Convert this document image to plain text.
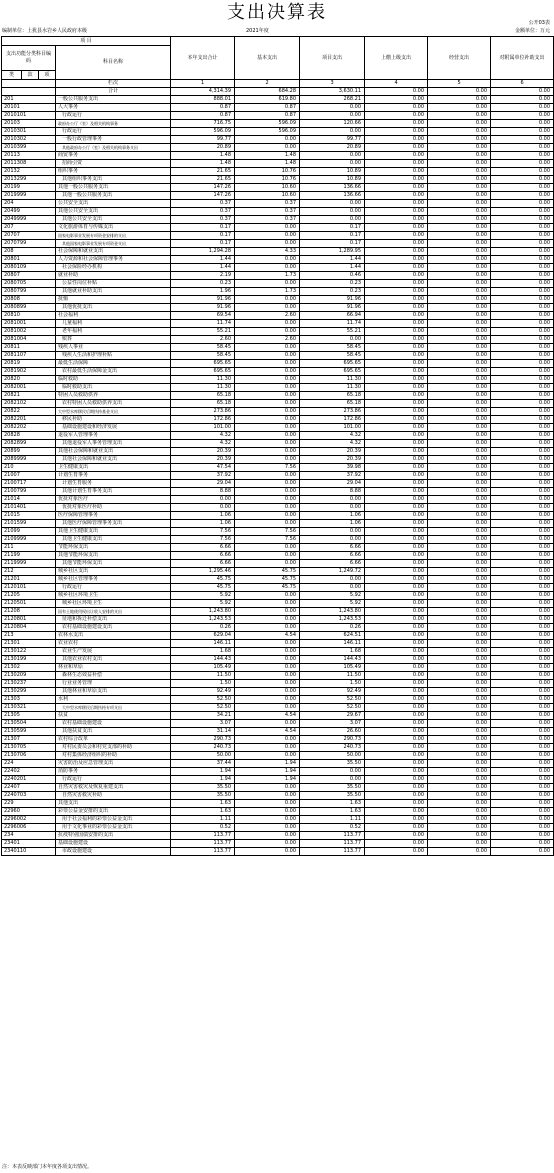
支出决算表	公开03表
编制单位：上犹县水岩乡人民政府本级	2021年度	金额单位：万元
项 目				本年支出合计	基本支出	项目支出	上缴上级支出	经营支出	对附属单位补助支出
支出功能分类科目编码			科目名称						
类	款	项							
			栏次	1	2	3	4	5	6
			合计	4,314.39	684.28	3,630.11	0.00	0.00	0.00
201			一般公共服务支出	888.01	619.80	268.21	0.00	0.00	0.00
20101			人大事务	0.87	0.87	0.00	0.00	0.00	0.00
2010101			行政运行	0.87	0.87	0.00	0.00	0.00	0.00
20103			政府办公厅（室）及相关机构事务	716.75	596.09	120.66	0.00	0.00	0.00
2010301			行政运行	596.09	596.09	0.00	0.00	0.00	0.00
2010302			一般行政管理事务	99.77	0.00	99.77	0.00	0.00	0.00
2010399			其他政府办公厅（室）及相关机构事务支出	20.89	0.00	20.89	0.00	0.00	0.00
20113			商贸事务	1.48	1.48	0.00	0.00	0.00	0.00
2011308			招商引资	1.48	1.48	0.00	0.00	0.00	0.00
20132			组织事务	21.65	10.76	10.89	0.00	0.00	0.00
2013299			其他组织事务支出	21.65	10.76	10.89	0.00	0.00	0.00
20199			其他一般公共服务支出	147.26	10.60	136.66	0.00	0.00	0.00
2019999			其他一般公共服务支出	147.26	10.60	136.66	0.00	0.00	0.00
204			公共安全支出	0.37	0.37	0.00	0.00	0.00	0.00
20499			其他公共安全支出	0.37	0.37	0.00	0.00	0.00	0.00
2049999			其他公共安全支出	0.37	0.37	0.00	0.00	0.00	0.00
207			文化旅游体育与传媒支出	0.17	0.00	0.17	0.00	0.00	0.00
20707			国家电影事业发展专项资金安排的支出	0.17	0.00	0.17	0.00	0.00	0.00
2070799			其他国家电影事业发展专项资金支出	0.17	0.00	0.17	0.00	0.00	0.00
208			社会保障和就业支出	1,294.28	4.33	1,289.95	0.00	0.00	0.00
20801			人力资源和社会保障管理事务	1.44	0.00	1.44	0.00	0.00	0.00
2080109			社会保险经办机构	1.44	0.00	1.44	0.00	0.00	0.00
20807			就业补助	2.19	1.73	0.46	0.00	0.00	0.00
2080705			公益性岗位补贴	0.23	0.00	0.23	0.00	0.00	0.00
2080799			其他就业补助支出	1.96	1.73	0.23	0.00	0.00	0.00
20808			抚恤	91.96	0.00	91.96	0.00	0.00	0.00
2080899			其他优抚支出	91.96	0.00	91.96	0.00	0.00	0.00
20810			社会福利	69.54	2.60	66.94	0.00	0.00	0.00
2081001			儿童福利	11.74	0.00	11.74	0.00	0.00	0.00
2081002			老年福利	55.21	0.00	55.21	0.00	0.00	0.00
2081004			殡葬	2.60	2.60	0.00	0.00	0.00	0.00
20811			残疾人事业	58.45	0.00	58.45	0.00	0.00	0.00
2081107			残疾人生活和护理补贴	58.45	0.00	58.45	0.00	0.00	0.00
20819			最低生活保障	695.65	0.00	695.65	0.00	0.00	0.00
2081902			农村最低生活保障金支出	695.65	0.00	695.65	0.00	0.00	0.00
20820			临时救助	11.30	0.00	11.30	0.00	0.00	0.00
2082001			临时救助支出	11.30	0.00	11.30	0.00	0.00	0.00
20821			特困人员救助供养	65.18	0.00	65.18	0.00	0.00	0.00
2082102			农村特困人员救助供养支出	65.18	0.00	65.18	0.00	0.00	0.00
20822			大中型水库移民后期扶持基金支出	273.86	0.00	273.86	0.00	0.00	0.00
2082201			移民补助	172.86	0.00	172.86	0.00	0.00	0.00
2082202			基础设施建设和经济发展	101.00	0.00	101.00	0.00	0.00	0.00
20828			退役军人管理事务	4.32	0.00	4.32	0.00	0.00	0.00
2082899			其他退役军人事务管理支出	4.32	0.00	4.32	0.00	0.00	0.00
20899			其他社会保障和就业支出	20.39	0.00	20.39	0.00	0.00	0.00
2089999			其他社会保障和就业支出	20.39	0.00	20.39	0.00	0.00	0.00
210			卫生健康支出	47.54	7.56	39.98	0.00	0.00	0.00
21007			计划生育事务	37.92	0.00	37.92	0.00	0.00	0.00
2100717			计划生育服务	29.04	0.00	29.04	0.00	0.00	0.00
2100799			其他计划生育事务支出	8.88	0.00	8.88	0.00	0.00	0.00
21014			优抚对象医疗	0.00	0.00	0.00	0.00	0.00	0.00
2101401			优抚对象医疗补助	0.00	0.00	0.00	0.00	0.00	0.00
21015			医疗保障管理事务	1.06	0.00	1.06	0.00	0.00	0.00
2101599			其他医疗保障管理事务支出	1.06	0.00	1.06	0.00	0.00	0.00
21099			其他卫生健康支出	7.56	7.56	0.00	0.00	0.00	0.00
2109999			其他卫生健康支出	7.56	7.56	0.00	0.00	0.00	0.00
211			节能环保支出	6.66	0.00	6.66	0.00	0.00	0.00
21199			其他节能环保支出	6.66	0.00	6.66	0.00	0.00	0.00
2119999			其他节能环保支出	6.66	0.00	6.66	0.00	0.00	0.00
212			城乡社区支出	1,295.46	45.75	1,249.72	0.00	0.00	0.00
21201			城乡社区管理事务	45.75	45.75	0.00	0.00	0.00	0.00
2120101			行政运行	45.75	45.75	0.00	0.00	0.00	0.00
21205			城乡社区环境卫生	5.92	0.00	5.92	0.00	0.00	0.00
2120501			城乡社区环境卫生	5.92	0.00	5.92	0.00	0.00	0.00
21208			国有土地使用权出让收入安排的支出	1,243.80	0.00	1,243.80	0.00	0.00	0.00
2120801			征地和拆迁补偿支出	1,243.53	0.00	1,243.53	0.00	0.00	0.00
2120804			农村基础设施建设支出	0.26	0.00	0.26	0.00	0.00	0.00
213			农林水支出	629.04	4.54	624.51	0.00	0.00	0.00
21301			农业农村	146.11	0.00	146.11	0.00	0.00	0.00
2130122			农业生产发展	1.68	0.00	1.68	0.00	0.00	0.00
2130199			其他农业农村支出	144.43	0.00	144.43	0.00	0.00	0.00
21302			林业和草原	105.49	0.00	105.49	0.00	0.00	0.00
2130209			森林生态效益补偿	11.50	0.00	11.50	0.00	0.00	0.00
2130237			行业业务管理	1.50	0.00	1.50	0.00	0.00	0.00
2130299			其他林业和草原支出	92.49	0.00	92.49	0.00	0.00	0.00
21303			水利	52.50	0.00	52.50	0.00	0.00	0.00
2130321			大中型水库移民后期扶持专项支出	52.50	0.00	52.50	0.00	0.00	0.00
21305			扶贫	34.21	4.54	29.67	0.00	0.00	0.00
2130504			农村基础设施建设	3.07	0.00	3.07	0.00	0.00	0.00
2130599			其他扶贫支出	31.14	4.54	26.60	0.00	0.00	0.00
21307			农村综合改革	290.73	0.00	290.73	0.00	0.00	0.00
2130705			对村民委员会和村党支部的补助	240.73	0.00	240.73	0.00	0.00	0.00
2130706			对村集体经济组织的补助	50.00	0.00	50.00	0.00	0.00	0.00
224			灾害防治及应急管理支出	37.44	1.94	35.50	0.00	0.00	0.00
22402			消防事务	1.94	1.94	0.00	0.00	0.00	0.00
2240201			行政运行	1.94	1.94	0.00	0.00	0.00	0.00
22407			自然灾害救灾及恢复重建支出	35.50	0.00	35.50	0.00	0.00	0.00
2240703			自然灾害救灾补助	35.50	0.00	35.50	0.00	0.00	0.00
229			其他支出	1.63	0.00	1.63	0.00	0.00	0.00
22960			彩票公益金安排的支出	1.63	0.00	1.63	0.00	0.00	0.00
2296002			用于社会福利的彩票公益金支出	1.11	0.00	1.11	0.00	0.00	0.00
2296006			用于文化事业的彩票公益金支出	0.52	0.00	0.52	0.00	0.00	0.00
234			抗疫特别国债安排的支出	113.77	0.00	113.77	0.00	0.00	0.00
23401			基础设施建设	113.77	0.00	113.77	0.00	0.00	0.00
2340110			市政设施建设	113.77	0.00	113.77	0.00	0.00	0.00
注：本表反映部门本年度各项支出情况。
